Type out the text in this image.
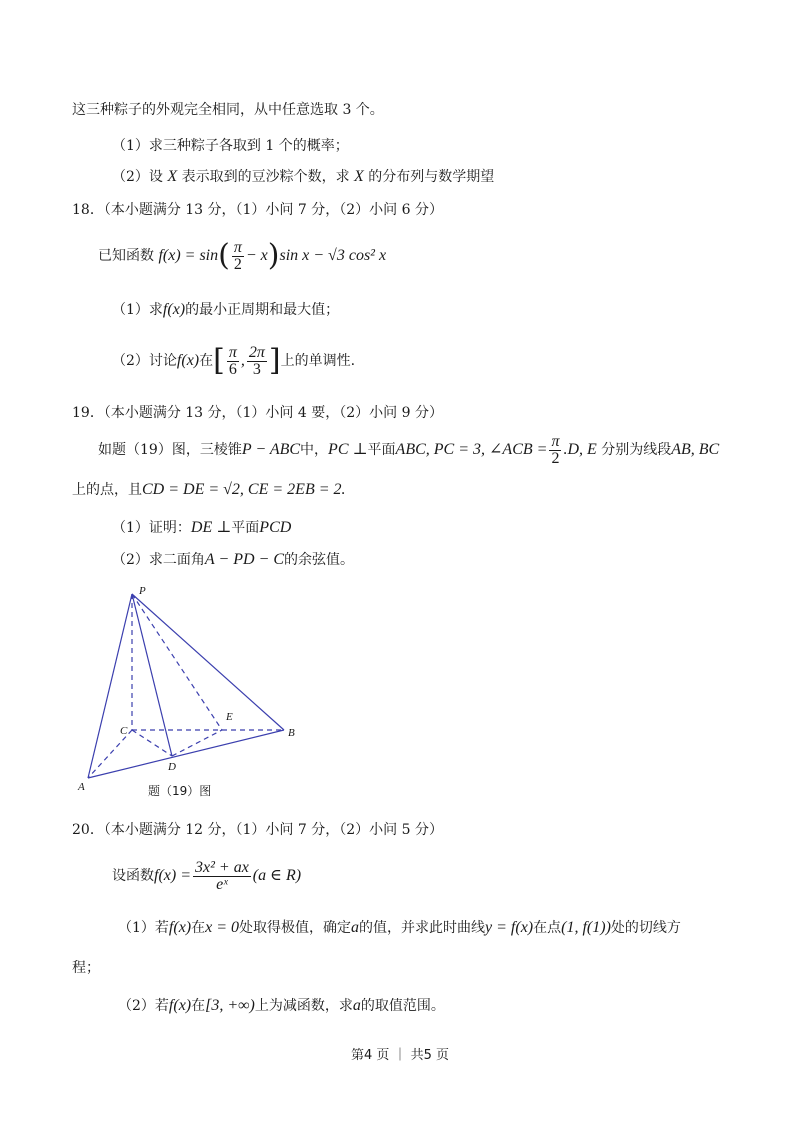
这三种粽子的外观完全相同，从中任意选取 3 个。
（1）求三种粽子各取到 1 个的概率；
（2）设 X 表示取到的豆沙粽个数，求 X 的分布列与数学期望
18．（本小题满分 13 分，（1）小问 7 分，（2）小问 6 分）
已知函数 $f(x) = \sin( \frac{\pi}{2} - x)\sin$ x − √3 cos² x
（1）求f(x)的最小正周期和最大值；
（2）讨论f(x)在[ $\frac{\pi}{6}$ , $\frac{2\pi}{3}$ ]上的单调性.
19．（本小题满分 13 分，（1）小问 4 要，（2）小问 9 分）
如题（19）图，三棱锥P − ABC中，PC ⊥平面ABC, PC = 3, ∠ACB = $\frac{\pi}{2} .D$, E 分别为线段AB, BC
上的点，且CD = DE = √2, CE = 2EB = 2.
（1）证明：DE ⊥平面PCD
（2）求二面角A − PD − C的余弦值。
P
C
E
B
D
A	题（19）图
20．（本小题满分 12 分，（1）小问 7 分，（2）小问 5 分）
设函数$f(x) = \frac{\text{3x² + ax}}{\text{eˣ}} (a$ ∈ R)
（1）若f(x)在x = 0处取得极值，确定a的值，并求此时曲线y = f(x)在点(1, f(1))处的切线方
程；
（2）若f(x)在[3, +∞)上为减函数，求a的取值范围。
第4 页 ｜ 共5 页
